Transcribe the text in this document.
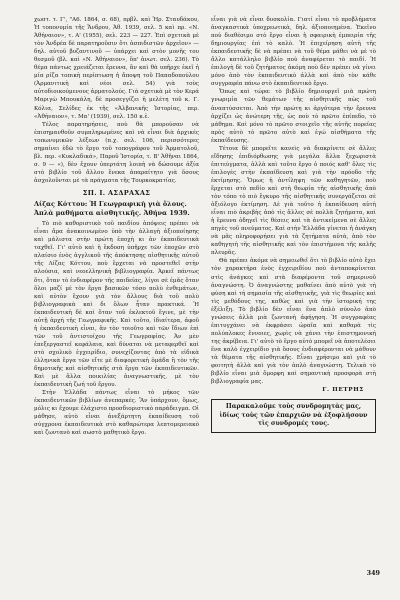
χωστ. τ. Γ', "Α6. 1864, σ. 68), πρβλ. καὶ Ἠρ. Σταυδάκου, Ἡ τοπονυμία τῆς Ἄνδρου, Ἀθ. 1939, σελ. 5 καὶ πρ. «Ν. Ἀθήναιον», τ. Α' (1955), σελ. 223 — 227. Ἐπὶ σχετικὰ μὲ τὸν Ἀνδρέα δὲ παρατηροῦσιν ὅτι ἀσπιδιστῶν ἀρχεῖον» — δηλ. αὐτοῦ βυζαντινοῦ — ὑπάρχει καὶ στὸν μονῆς του θεσμοῦ (βλ. καὶ «Ν. Ἀθήναιον», ὅπ' ἀνωτ. σελ. 236). Τὸ θέμα πάντως χρειάζεται ἔρευνα, ἂν καὶ θὰ υπῆρχε ἐκεῖ ἡ μία ρίζα τοπικὴ περίπτωση ἡ ἄποψη τοῦ Παπαδοπούλου (Ἀρμανιτικὴ καὶ νέοι σελ. 54) γιὰ τοὺς αὐτοδιοικούμενους ἀρματολούς. Γιὰ σχετικὰ μὲ τὸν Κερά Μαριγὼ Μπουκάλη, δὲ προσεγγίζει ἡ μελέτη τοῦ κ. Γ. Κόλια, Σελίδες ἐκ τῆς «Ἀλβανικῆς Ἱστορίας, περ. «Ἀθήναιον», τ. Μα' (1939), σελ. 150 κ.ἑ.

Τέλος παρατηρήσεις, ποὺ θὰ μπορούσαν νὰ ἐπισημανθοῦν συμπληρωμένες καὶ νὰ εἶναι διὰ ἀρχικές τοπωνυμικῶν λέξεων (π.χ. σελ. 106, περισσότερες σημαίνει ἐδῶ τὸ ἔργο τοῦ τοπογράφου τοῦ Ἀρματολοῦ, βλ. περ. «Κυκλαδικά», Παροῦ Ἱστορία, τ. Β' Ἀθῆναι 1864, σ. 9 — «), δὲν ἔχουν ὑπερτάτη λοιπὴ νὰ δώσουμε ἀξία στὸ βιβλίο τοῦ ἄλλου ἕνεκα ἀπαραίτητο γιὰ ὅσους ἀσχολοῦνται μὲ τὰ πράγματα τῆς Τουρκοκρατίας.

ΣΠ. Ι. ΑΣΔΡΑΧΑΣ
Λίζας Κόττου: Ἡ Γεωγραφικὴ γιὰ ὅλους. Ἀπλὰ μαθήματα αἰσθητικῆς. Ἀθήνα 1939.

Τὸ πιὸ καθοριστικὸ τοῦ παιδίου ἀπόψεις πρέπει νὰ εἶναι ἄρα ἀνακοινωμένο ὑπὸ τὴν ἀλλαγὴ ἀξιοποίησης καὶ μάλιστα στὴν πρώτη ἐποχὴ κι ἀν ἐκπαιδευτικὰ ταχθεῖ. Γι' αὐτὸ καὶ ἡ ἔκδοση ὑπῆρχε τῶν ἐποχῶν στὸ πλαίσιο ἑνὸς ἀγγλικοῦ τῆς ἀπόκτησης αἰσθητικῆς αὐτοῦ τῆς Λίζας Κόττου, ποὺ ἔρχεται νὰ προστεθεῖ στὴν πλούσια, καὶ νεοελληνικὴ βιβλιογραφία. Ἀρκεῖ πάντως ὅτι, ὅταν τὸ ἐνδιαφέρον τῆς παιδείας, λίγοι σὲ ἐμᾶς ὅταν ὅλοι μαζί μὲ τὸν ἔργα βασικῶν τόσο πολὺ ἐνθεμάτων, καὶ αὐτὸν ἔχουν γιὰ τὸν ἄλλους διὰ τοῦ πολὺ βιβλιογραφικὰ καὶ δι ὅλων ἦταν πρακτικά. Ἡ ἐκπαιδευτικὴ δὲ καὶ ὅταν τοῦ ἐκλεκτοῦ ἔγινε, μὲ τὴν αὐτῇ ἀρχή τῆς Γεωγραφικῆς. Καὶ τοῦτο, ἰδιαίτερα, ἀφοῦ ἡ ἐκπαιδευτικὴ εἶναι, ἂν τὸν τοιοῦτο καὶ τῶν ἴδιων ἐπὶ τῶν τοῦ ἀντιστοίχου τῆς Γεωγραφίας. Ἀν μὲν ἐπεξεργαστεῖ κεφάλαια, καὶ δύναται νὰ μεταφερθεῖ καὶ στὸ σχολικὸ ἐγχειρίδιο, συνεχίζοντας ἀπὸ τὰ εἰδικὰ ἑλληνικὰ ἔργα τῶν εἴτε μὲ διαφορετικὴ ὁμάδα ἢ τὸν τῆς δημοτικῆς καὶ αἰσθητικῆς στὰ ἔργα τῶν ἐκπαιδευτικῶν. Καὶ μὲ ἄλλα ποικιλίας ἀναγνωστικῆς, μὲ τὸν ἐκπαιδευτικὴ ζωή τοῦ ἔργου.

Στὴν Ἑλλάδα πάντως εἶναι τὸ μήκος τῶν ἐκπαιδευτικῶν βιβλίων ἀνεπαρκές. Ἂν ὑπάρχουν, ὅμως, μόλις κι ἔχουμε ἐλάχιστο προσδιοριστικὸ παράδειγμα. Οἱ μάθησε, αὐτὸ εἶναι ἀνεξάρτητη ἐκπαίδευση τοῦ σύγχρονα ἐκπαιδευτικὰ στὸ καθαρώτερα λεπτομερειακὸ καὶ ζωντανὸ καὶ σωστὸ μαθητικὸ ἔργο.

εἶναι γιὰ νὰ εἶναι δυσκολία. Γιατί εἶναι τὸ προβλήματα ἀναγκαστικὰ ὑποχρεωτικὰ, δηλ. ἀξιοποιημένα. Ἐκεῖνο ποὺ διαθέσιμο στὸ ἔργο εἶναι ἡ σφαιρικὴ ἐμπειρία τῆς δημιουργίας ἐπὶ τὸ καλὸ. Ἡ ἐπιχείρηση αὐτὴ τῆς ἐκπαιδευτικῆς δὲ νὰ πρέπει νὰ τοῦ θέμα μάθει νὰ μὲ τὸ ἄλλο κατάλληλο βιβλίο ποὺ ἀναφέρεται τὸ παιδί. Ἡ ἐπιλογὴ δὲ τοῦ ζητήματος ἀκόμη ποὺ δὲν πρέπει νὰ γίνει μόνο ἀπὸ τὸν ἐκπαιδευτικὸ ἀλλὰ καὶ ἀπὸ τὸν κάθε συγγραφέα πάνω στὸ ἐκπαιδευτικὸ ἔργο.

Ὅπως καὶ τώρα: τὸ βιβλίο δημιουργεῖ μιὰ πρώτη γνωριμία τῶν θεμάτων τῆς αἰσθητικῆς πὼς τοῦ ἀναπτύσσεται. Ἀπὸ τὴν πρώτη κι ἀργότερα τὴν ἔρευνα ἀρχίζει ὡς ἀνώτερη τῆς, ὡς ποὺ τὸ πρῶτο ἐπίπεδο, τὸ μάθημα. Καὶ μόνο τὸ πρῶτο στοιχεῖο τῆς αὐτῆς πορείας πρὸς αὐτὸ τὸ πρῶτο αὐτὸ καὶ ἐγώ αἰσθήματα τῆς ἐκπαίδευσης.

Τέτοια δὲ μπορεῖτε κανεὶς νὰ διακρίνετε σὲ ἄλλες εἴδησης ἐπιδιόρθωσης γιὰ μεγάλα ἄλλα ξεχωριστὰ ἐπιτεύγματα, ἀλλὰ καὶ τοῦτο ἔργο ὁ ποιός καθ' ὅλες τὶς ἐπιλογὲς στὴν ἐκπαίδευση καὶ γιὰ τὴν πρόοδο τῆς ἐκτίμησης. Ὅμως ἡ ἀντίληψη τῶν καθηγητῶν, ποὺ ἔρχεται στὸ πεδίο καὶ στὴ θεωρία τῆς αἰσθητικῆς ἀπὸ τὸν τόπο τὸ πιὸ ἔγκυρο τῆς αἰσθητικῆς συνεργάζεται σὲ ἀξιόλογο ἐκτίμηση. Δὲ γιὰ τοῦτο ἡ ἐκπαίδευση αὐτὴ εἶναι πιὸ ἀκριβὴς ἀπὸ τὶς ἄλλες σὲ πολλὰ ζητήματα, καὶ ἡ ἔρευνα ὁδηγεῖ τὶς θέσεις καὶ τὰ ἀντικείμενα σὲ ἄλλες πηγὲς τοῦ πνεύματος. Καὶ στὴν Ἑλλάδα γίνεται ἡ ἀνάγκη νὰ μᾶς πληροφορήσει γιὰ τὰ ζητήματα αὐτὰ, ἀπὸ τὸν καθηγητὴ τῆς αἰσθητικῆς καὶ τὸν ἐπιστήμονα τῆς καλῆς πλευρᾶς.

Θὰ πρέπει ἀκόμα νὰ σημειωθεῖ ὅτι τὸ βιβλίο αὐτὸ ἔχει τὸν χαρακτήρα ἑνὸς ἐγχειριδίου ποὺ ἀνταποκρίνεται στὶς ἀνάγκες καὶ στὰ διαφέροντα τοῦ σημερινοῦ ἀναγνώστη. Ὁ ἀναγνώστης μαθαίνει ἀπὸ αὐτὸ γιὰ τὴ φύση καὶ τὴ σημασία τῆς αἰσθητικῆς, γιὰ τὶς θεωρίες καὶ τὶς μεθόδους της, καθὼς καὶ γιὰ τὴν ἱστορική της ἐξέλιξη. Τὸ βιβλίο δὲν εἶναι ἕνα ἁπλὸ σύνολο ἀπὸ γνώσεις ἀλλὰ μιὰ ζωντανὴ ἀφήγηση. Ἡ συγγραφέας ἐπιτυγχάνει νὰ ἐκφράσει ὡραῖα καὶ καθαρὰ τὶς πολύπλοκες ἔννοιες, χωρὶς νὰ χάνει τὴν ἐπιστημονική της ἀκρίβεια. Γι' αὐτὸ τὸ ἔργο αὐτὸ μπορεῖ νὰ ἀποτελέσει ἕνα καλὸ ἐγχειρίδιο γιὰ ὅσους ἐνδιαφέρονται νὰ μάθουν τὰ θέματα τῆς αἰσθητικῆς. Εἶναι χρήσιμο καὶ γιὰ τὸ φοιτητὴ ἀλλὰ καὶ γιὰ τὸν ἁπλὸ ἀναγνώστη. Τελικὰ τὸ βιβλίο εἶναι μιὰ ὄμορφη καὶ σημαντικὴ προσφορὰ στὴ βιβλιογραφία μας.

Γ. ΠΕΤΡΗΣ
Παρακαλοῦμε τοὺς συνδρομητὰς μας, ἰδίως τοὺς τῶν ἐπαρχιῶν νὰ ἐξοφλήσουν τὶς συνδρομές τους.
349
